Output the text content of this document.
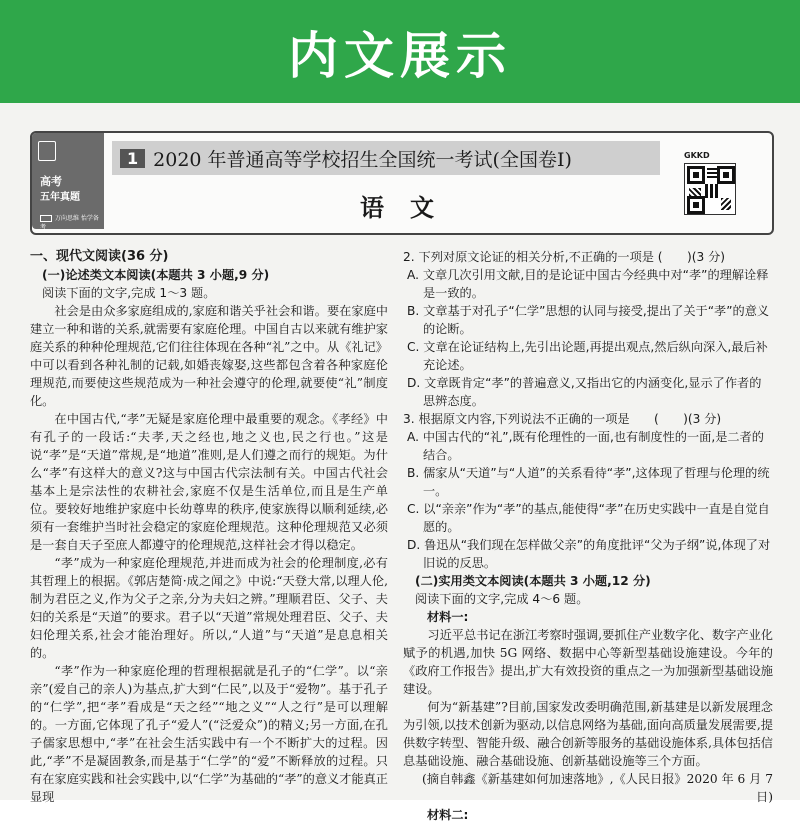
内文展示
高考
五年真题
万向思维 怡学备考
1 2020 年普通高等学校招生全国统一考试(全国卷Ⅰ)
语文
GKKD

一、现代文阅读(36 分)

(一)论述类文本阅读(本题共 3 小题,9 分)

阅读下面的文字,完成 1～3 题。

社会是由众多家庭组成的,家庭和谐关乎社会和谐。要在家庭中建立一种和谐的关系,就需要有家庭伦理。中国自古以来就有维护家庭关系的种种伦理规范,它们往往体现在各种“礼”之中。从《礼记》中可以看到各种礼制的记载,如婚丧嫁娶,这些都包含着各种家庭伦理规范,而要使这些规范成为一种社会遵守的伦理,就要使“礼”制度化。

在中国古代,“孝”无疑是家庭伦理中最重要的观念。《孝经》中有孔子的一段话:“夫孝,天之经也,地之义也,民之行也。”这是说“孝”是“天道”常规,是“地道”准则,是人们遵之而行的规矩。为什么“孝”有这样大的意义?这与中国古代宗法制有关。中国古代社会基本上是宗法性的农耕社会,家庭不仅是生活单位,而且是生产单位。要较好地维护家庭中长幼尊卑的秩序,使家族得以顺利延续,必须有一套维护当时社会稳定的家庭伦理规范。这种伦理规范又必须是一套自天子至庶人都遵守的伦理规范,这样社会才得以稳定。

“孝”成为一种家庭伦理规范,并进而成为社会的伦理制度,必有其哲理上的根据。《郭店楚简·成之闻之》中说:“天登大常,以理人伦,制为君臣之义,作为父子之亲,分为夫妇之辨。”理顺君臣、父子、夫妇的关系是“天道”的要求。君子以“天道”常规处理君臣、父子、夫妇伦理关系,社会才能治理好。所以,“人道”与“天道”是息息相关的。

“孝”作为一种家庭伦理的哲理根据就是孔子的“仁学”。以“亲亲”(爱自己的亲人)为基点,扩大到“仁民”,以及于“爱物”。基于孔子的“仁学”,把“孝”看成是“天之经”“地之义”“人之行”是可以理解的。一方面,它体现了孔子“爱人”(“泛爱众”)的精义;另一方面,在孔子儒家思想中,“孝”在社会生活实践中有一个不断扩大的过程。因此,“孝”不是凝固教条,而是基于“仁学”的“爱”不断释放的过程。只有在家庭实践和社会实践中,以“仁学”为基础的“孝”的意义才能真正显现

2. 下列对原文论证的相关分析,不正确的一项是 (　　)(3 分)

A. 文章几次引用文献,目的是论证中国古今经典中对“孝”的理解诠释是一致的。

B. 文章基于对孔子“仁学”思想的认同与接受,提出了关于“孝”的意义的论断。

C. 文章在论证结构上,先引出论题,再提出观点,然后纵向深入,最后补充论述。

D. 文章既肯定“孝”的普遍意义,又指出它的内涵变化,显示了作者的思辨态度。

3. 根据原文内容,下列说法不正确的一项是　　(　　)(3 分)

A. 中国古代的“礼”,既有伦理性的一面,也有制度性的一面,是二者的结合。

B. 儒家从“天道”与“人道”的关系看待“孝”,这体现了哲理与伦理的统一。

C. 以“亲亲”作为“孝”的基点,能使得“孝”在历史实践中一直是自觉自愿的。

D. 鲁迅从“我们现在怎样做父亲”的角度批评“父为子纲”说,体现了对旧说的反思。

(二)实用类文本阅读(本题共 3 小题,12 分)

阅读下面的文字,完成 4～6 题。

材料一:

习近平总书记在浙江考察时强调,要抓住产业数字化、数字产业化赋予的机遇,加快 5G 网络、数据中心等新型基础设施建设。今年的《政府工作报告》提出,扩大有效投资的重点之一为加强新型基础设施建设。

何为“新基建”?目前,国家发改委明确范围,新基建是以新发展理念为引领,以技术创新为驱动,以信息网络为基础,面向高质量发展需要,提供数字转型、智能升级、融合创新等服务的基础设施体系,具体包括信息基础设施、融合基础设施、创新基础设施等三个方面。

(摘自韩鑫《新基建如何加速落地》,《人民日报》2020 年 6 月 7 日)

材料二:
